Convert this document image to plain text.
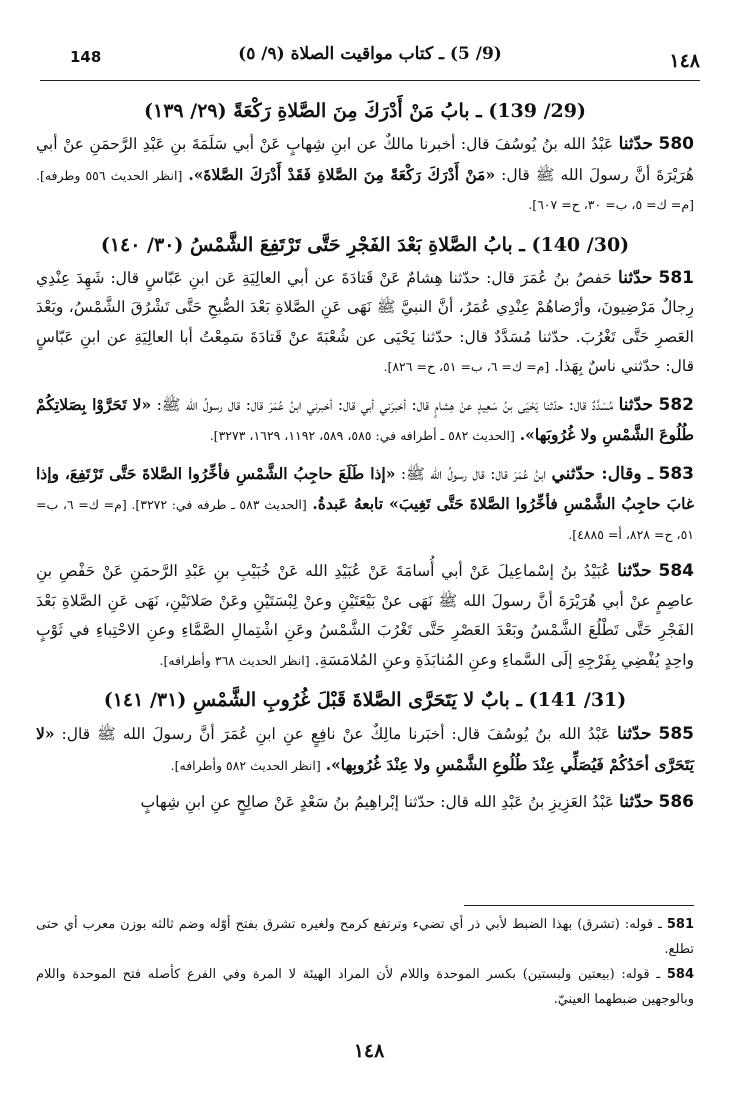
148	(9/ 5) ـ كتاب مواقيت الصلاة (٩/ ٥)	١٤٨
(29/ 139) ـ بابُ مَنْ أَدْرَكَ مِنَ الصَّلاةِ رَكْعَةً (٢٩/ ١٣٩)

580 حدّثنا عَبْدُ الله بنُ يُوسُفَ قال: أخبرنا مالكٌ عن ابنِ شِهابٍ عَنْ أبي سَلَمَةَ بنِ عَبْدِ الرَّحمَنِ عنْ أبي هُرَيْرَةَ أنَّ رسولَ الله ﷺ قال: «مَنْ أَدْرَكَ رَكْعَةً مِنَ الصَّلاةِ فَقَدْ أَدْرَكَ الصَّلاةَ». [انظر الحديث ٥٥٦ وطرفه]. [م= ك= ٥، ب= ٣٠، ح= ٦٠٧].

(30/ 140) ـ بابُ الصَّلاةِ بَعْدَ الفَجْرِ حَتَّى تَرْتَفِعَ الشَّمْسُ (٣٠/ ١٤٠)

581 حدّثنا حَفصُ بنُ عُمَرَ قال: حدّثنا هِشامٌ عَنْ قَتادَةَ عن أبي العالِيَةِ عَن ابنِ عَبّاسٍ قال: شَهِدَ عِنْدِي رِجالٌ مَرْضِيونَ، وأرْضاهُمْ عِنْدِي عُمَرُ، أنَّ النبيَّ ﷺ نَهَى عَنِ الصَّلاةِ بَعْدَ الصُّبحِ حَتَّى تَشْرُقَ الشَّمْسُ، وبَعْدَ العَصرِ حَتَّى تَغْرُبَ. حدّثنا مُسَدَّدٌ قال: حدّثنا يَحْيَى عن شُعْبَةَ عنْ قَتادَةَ سَمِعْتُ أبا العالِيَةِ عن ابنِ عَبّاسٍ قال: حدّثني ناسٌ بِهَذا. [م= ك= ٦، ب= ٥١، ح= ٨٢٦].

582 حدّثنا مُسَدَّدٌ قال: حدّثنا يَحْيَى بنُ سَعِيدٍ عنْ هِشامٍ قال: أخبرَني أبي قال: أخبرني ابنُ عُمَرَ قال: قال رسولُ الله ﷺ: «لا تَحَرَّوْا بِصَلاتِكُمْ طُلُوعَ الشَّمْسِ ولا غُرُوبَها». [الحديث ٥٨٢ ـ أطرافه في: ٥٨٥، ٥٨٩، ١١٩٢، ١٦٢٩، ٣٢٧٣].

583 ـ وقال: حدّثني ابنُ عُمَرَ قال: قال رسولُ الله ﷺ: «إذا طَلَعَ حاجِبُ الشَّمْسِ فأخِّرُوا الصَّلاةَ حَتَّى تَرْتَفِعَ، وإذا غابَ حاجِبُ الشَّمْسِ فأخِّرُوا الصَّلاةَ حَتَّى تَغِيبَ» تابعهُ عَبدةُ. [الحديث ٥٨٣ ـ طرفه في: ٣٢٧٢]. [م= ك= ٦، ب= ٥١، ح= ٨٢٨، أ= ٤٨٨٥].

584 حدّثنا عُبَيْدُ بنُ إسْماعِيلَ عَنْ أبي أُسامَةَ عَنْ عُبَيْدِ الله عَنْ خُبَيْبِ بنِ عَبْدِ الرَّحمَنِ عَنْ حَفْصِ بنِ عاصِمٍ عنْ أبي هُرَيْرَةَ أنَّ رسولَ الله ﷺ نَهَى عنْ بَيْعَتَيْنِ وعنْ لِبْسَتَيْنِ وعَنْ صَلاتَيْنِ، نَهَى عَنِ الصَّلاةِ بَعْدَ الفَجْرِ حَتَّى تَطْلُعَ الشَّمْسُ وبَعْدَ العَصْرِ حَتَّى تَغْرُبَ الشَّمْسُ وعَنِ اشْتِمالِ الصَّمَّاءِ وعنِ الاحْتِباءِ في ثَوْبٍ واحِدٍ يُفْضِي بِفَرْجِهِ إلَى السَّماءِ وعنِ المُنابَذَةِ وعنِ المُلامَسَةِ. [انظر الحديث ٣٦٨ وأطرافه].

(31/ 141) ـ بابٌ لا يَتَحَرَّى الصَّلاةَ قَبْلَ غُرُوبِ الشَّمْسِ (٣١/ ١٤١)

585 حدّثنا عَبْدُ الله بنُ يُوسُفَ قال: أخبَرنا مالِكٌ عنْ نافِعٍ عنِ ابنِ عُمَرَ أنَّ رسولَ الله ﷺ قال: «لا يَتَحَرَّى أحَدُكُمْ فَيُصَلِّي عِنْدَ طُلُوعِ الشَّمْسِ ولا عِنْدَ غُرُوبِها». [انظر الحديث ٥٨٢ وأطرافه].

586 حدّثنا عَبْدُ العَزِيزِ بنُ عَبْدِ الله قال: حدّثنا إبْراهِيمُ بنُ سَعْدٍ عَنْ صالِحٍ عنِ ابنِ شِهابٍ

581 ـ قوله: (تشرق) بهذا الضبط لأبي ذر أي تضيء وترتفع كرمح ولغيره تشرق بفتح أوّله وضم ثالثه بوزن معرب أي حتى تطلع.
584 ـ قوله: (بيعتين ولبستين) بكسر الموحدة واللام لأن المراد الهيئة لا المرة وفي الفرع كأصله فتح الموحدة واللام وبالوجهين ضبطهما العينيّ.
١٤٨
